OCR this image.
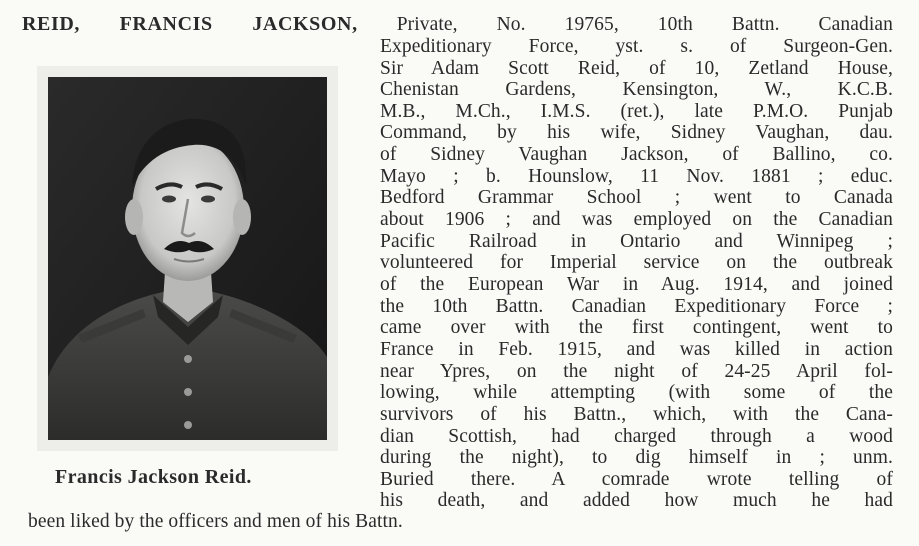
REID, FRANCIS JACKSON, Private, No. 19765, 10th Battn. Canadian
Expeditionary Force, yst. s. of Surgeon-Gen.
Sir Adam Scott Reid, of 10, Zetland House,
Chenistan Gardens, Kensington, W., K.C.B.
M.B., M.Ch., I.M.S. (ret.), late P.M.O. Punjab
Command, by his wife, Sidney Vaughan, dau.
of Sidney Vaughan Jackson, of Ballino, co.
Mayo ; b. Hounslow, 11 Nov. 1881 ; educ.
Bedford Grammar School ; went to Canada
about 1906 ; and was employed on the Canadian
Pacific Railroad in Ontario and Winnipeg ;
volunteered for Imperial service on the outbreak
of the European War in Aug. 1914, and joined
the 10th Battn. Canadian Expeditionary Force ;
came over with the first contingent, went to
France in Feb. 1915, and was killed in action
near Ypres, on the night of 24-25 April fol-
lowing, while attempting (with some of the
survivors of his Battn., which, with the Cana-
dian Scottish, had charged through a wood
during the night), to dig himself in ; unm.
Buried there. A comrade wrote telling of
his death, and added how much he had
been liked by the officers and men of his Battn.
Francis Jackson Reid.
